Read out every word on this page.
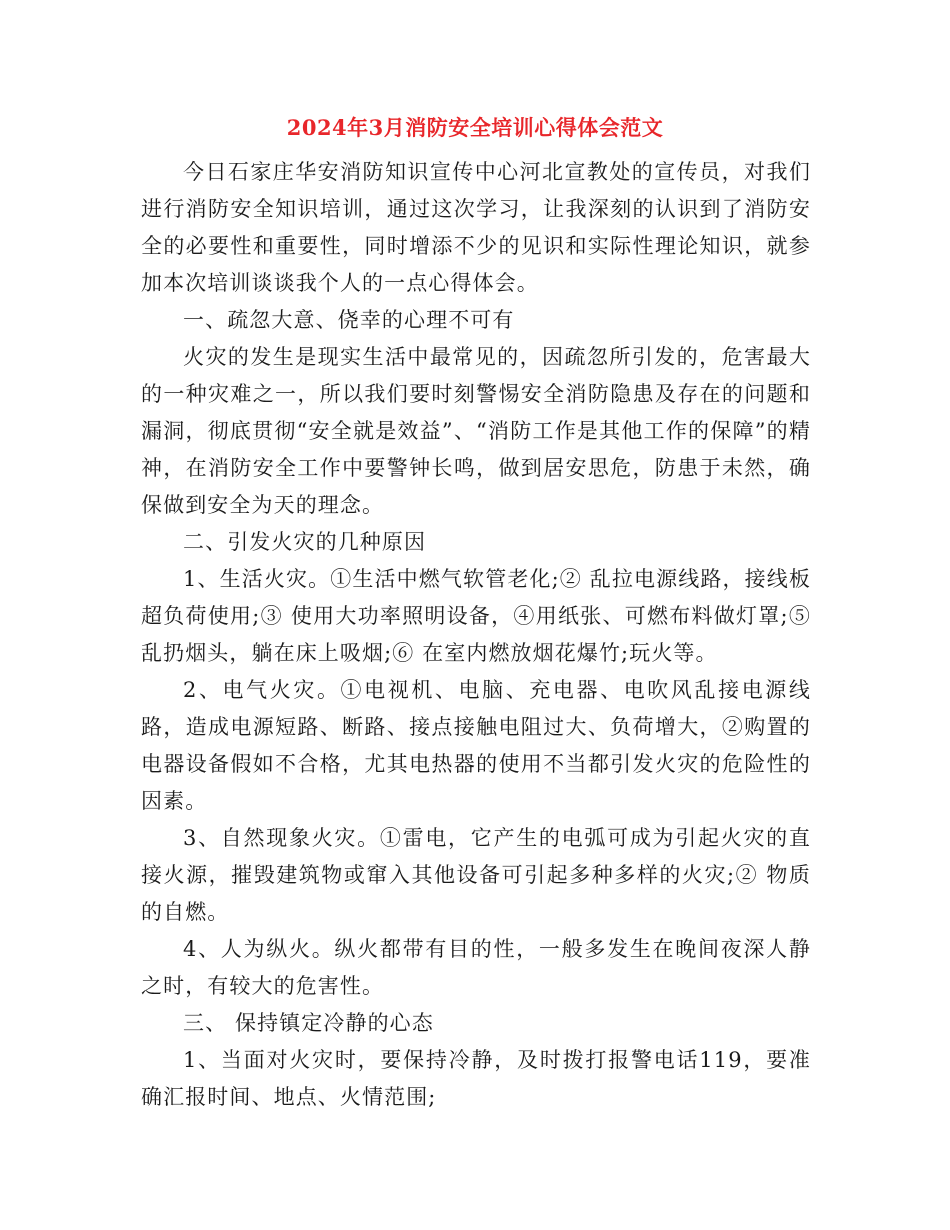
2024年3月消防安全培训心得体会范文

今日石家庄华安消防知识宣传中心河北宣教处的宣传员，对我们进行消防安全知识培训，通过这次学习，让我深刻的认识到了消防安全的必要性和重要性，同时增添不少的见识和实际性理论知识，就参加本次培训谈谈我个人的一点心得体会。

一、疏忽大意、侥幸的心理不可有

火灾的发生是现实生活中最常见的，因疏忽所引发的，危害最大的一种灾难之一，所以我们要时刻警惕安全消防隐患及存在的问题和漏洞，彻底贯彻“安全就是效益”、“消防工作是其他工作的保障”的精神，在消防安全工作中要警钟长鸣，做到居安思危，防患于未然，确保做到安全为天的理念。

二、引发火灾的几种原因

1、生活火灾。①生活中燃气软管老化;② 乱拉电源线路，接线板超负荷使用;③ 使用大功率照明设备，④用纸张、可燃布料做灯罩;⑤ 乱扔烟头，躺在床上吸烟;⑥ 在室内燃放烟花爆竹;玩火等。

2、电气火灾。①电视机、电脑、充电器、电吹风乱接电源线路，造成电源短路、断路、接点接触电阻过大、负荷增大，②购置的电器设备假如不合格，尤其电热器的使用不当都引发火灾的危险性的因素。

3、自然现象火灾。①雷电，它产生的电弧可成为引起火灾的直接火源，摧毁建筑物或窜入其他设备可引起多种多样的火灾;② 物质的自燃。

4、人为纵火。纵火都带有目的性，一般多发生在晚间夜深人静之时，有较大的危害性。

三、 保持镇定冷静的心态

1、当面对火灾时，要保持冷静，及时拨打报警电话119，要准确汇报时间、地点、火情范围;
